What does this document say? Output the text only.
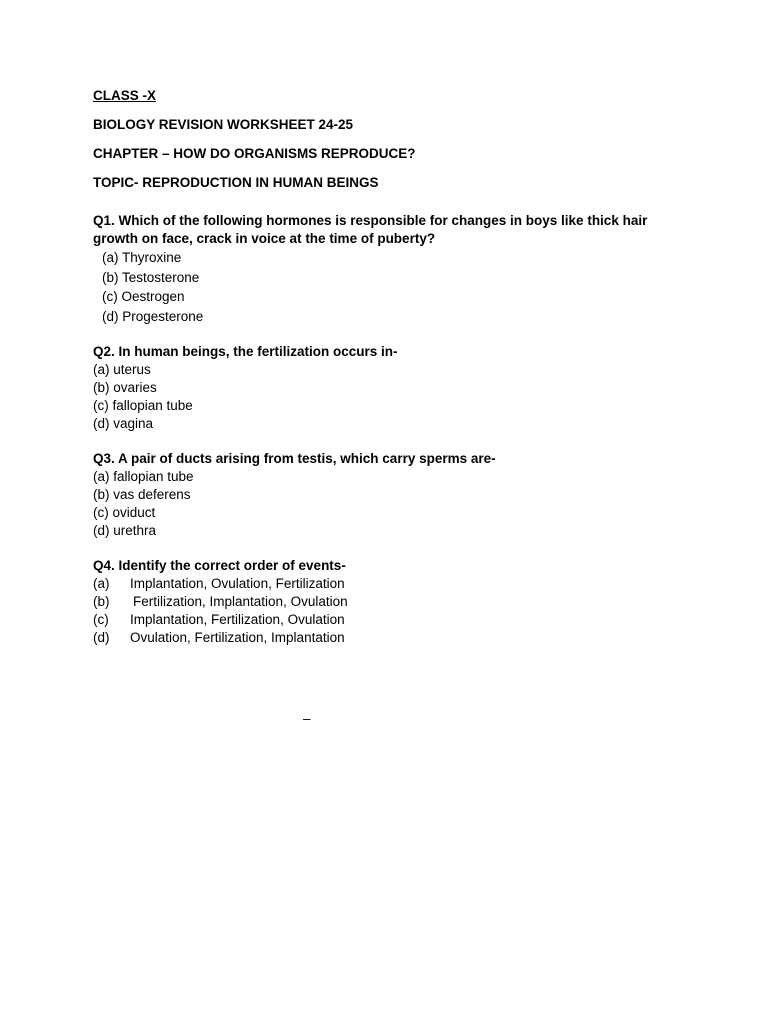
CLASS -X

BIOLOGY REVISION WORKSHEET 24-25

CHAPTER – HOW DO ORGANISMS REPRODUCE?

TOPIC- REPRODUCTION IN HUMAN BEINGS

Q1. Which of the following hormones is responsible for changes in boys like thick hair

growth on face, crack in voice at the time of puberty?

(a) Thyroxine

(b) Testosterone

(c) Oestrogen

(d) Progesterone

Q2. In human beings, the fertilization occurs in-

(a) uterus

(b) ovaries

(c) fallopian tube

(d) vagina

Q3. A pair of ducts arising from testis, which carry sperms are-

(a) fallopian tube

(b) vas deferens

(c) oviduct

(d) urethra

Q4. Identify the correct order of events-

(a)	Implantation, Ovulation, Fertilization

(b)	Fertilization, Implantation, Ovulation

(c)	Implantation, Fertilization, Ovulation

(d)	Ovulation, Fertilization, Implantation

–
